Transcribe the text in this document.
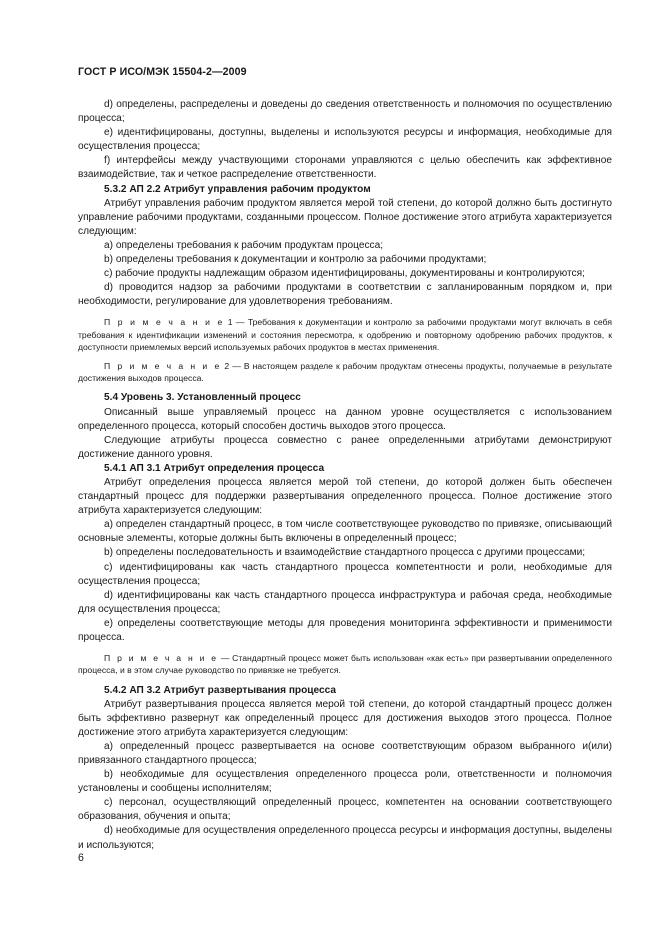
ГОСТ Р ИСО/МЭК 15504-2—2009

d) определены, распределены и доведены до сведения ответственность и полномочия по осуществлению процесса;

e) идентифицированы, доступны, выделены и используются ресурсы и информация, необходимые для осуществления процесса;

f) интерфейсы между участвующими сторонами управляются с целью обеспечить как эффективное взаимодействие, так и четкое распределение ответственности.

5.3.2 АП 2.2 Атрибут управления рабочим продуктом

Атрибут управления рабочим продуктом является мерой той степени, до которой должно быть достигнуто управление рабочими продуктами, созданными процессом. Полное достижение этого атрибута характеризуется следующим:

a) определены требования к рабочим продуктам процесса;

b) определены требования к документации и контролю за рабочими продуктами;

c) рабочие продукты надлежащим образом идентифицированы, документированы и контролируются;

d) проводится надзор за рабочими продуктами в соответствии с запланированным порядком и, при необходимости, регулирование для удовлетворения требованиям.

П р и м е ч а н и е 1 — Требования к документации и контролю за рабочими продуктами могут включать в себя требования к идентификации изменений и состояния пересмотра, к одобрению и повторному одобрению рабочих продуктов, к доступности приемлемых версий используемых рабочих продуктов в местах применения.

П р и м е ч а н и е 2 — В настоящем разделе к рабочим продуктам отнесены продукты, получаемые в результате достижения выходов процесса.

5.4 Уровень 3. Установленный процесс

Описанный выше управляемый процесс на данном уровне осуществляется с использованием определенного процесса, который способен достичь выходов этого процесса.

Следующие атрибуты процесса совместно с ранее определенными атрибутами демонстрируют достижение данного уровня.

5.4.1 АП 3.1 Атрибут определения процесса

Атрибут определения процесса является мерой той степени, до которой должен быть обеспечен стандартный процесс для поддержки развертывания определенного процесса. Полное достижение этого атрибута характеризуется следующим:

a) определен стандартный процесс, в том числе соответствующее руководство по привязке, описывающий основные элементы, которые должны быть включены в определенный процесс;

b) определены последовательность и взаимодействие стандартного процесса с другими процессами;

c) идентифицированы как часть стандартного процесса компетентности и роли, необходимые для осуществления процесса;

d) идентифицированы как часть стандартного процесса инфраструктура и рабочая среда, необходимые для осуществления процесса;

e) определены соответствующие методы для проведения мониторинга эффективности и применимости процесса.

П р и м е ч а н и е — Стандартный процесс может быть использован «как есть» при развертывании определенного процесса, и в этом случае руководство по привязке не требуется.

5.4.2 АП 3.2 Атрибут развертывания процесса

Атрибут развертывания процесса является мерой той степени, до которой стандартный процесс должен быть эффективно развернут как определенный процесс для достижения выходов этого процесса. Полное достижение этого атрибута характеризуется следующим:

a) определенный процесс развертывается на основе соответствующим образом выбранного и(или) привязанного стандартного процесса;

b) необходимые для осуществления определенного процесса роли, ответственности и полномочия установлены и сообщены исполнителям;

c) персонал, осуществляющий определенный процесс, компетентен на основании соответствующего образования, обучения и опыта;

d) необходимые для осуществления определенного процесса ресурсы и информация доступны, выделены и используются;

6
